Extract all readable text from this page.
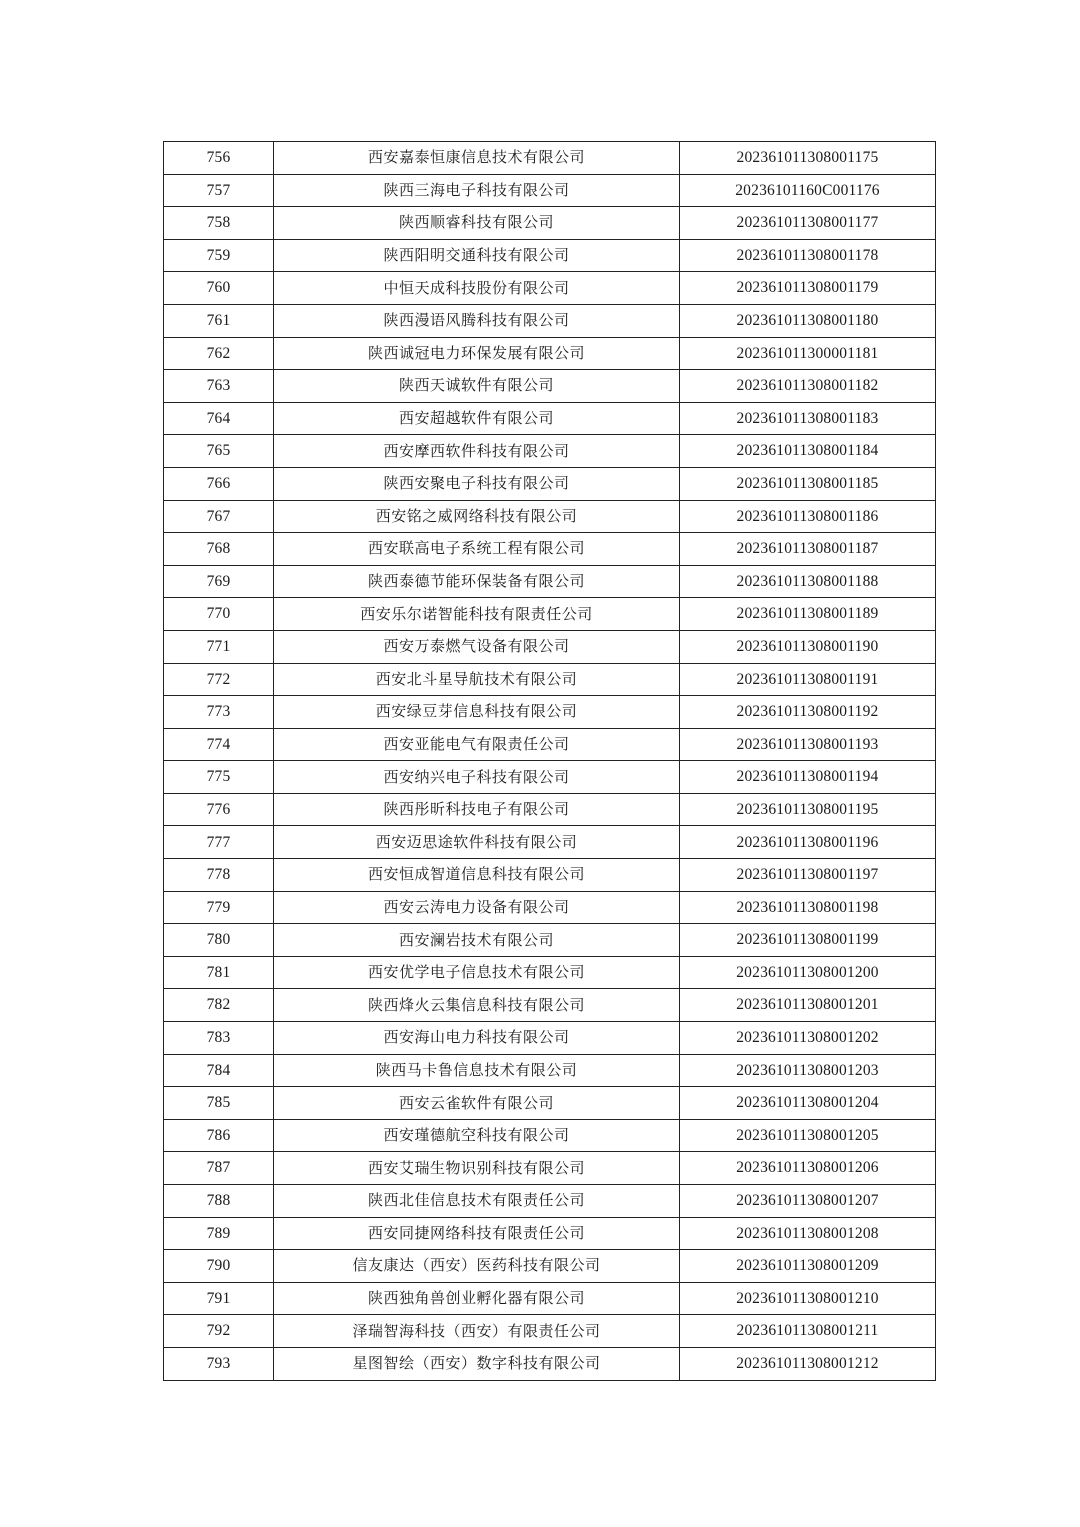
756	西安嘉泰恒康信息技术有限公司	202361011308001175
757	陕西三海电子科技有限公司	20236101160C001176
758	陕西顺睿科技有限公司	202361011308001177
759	陕西阳明交通科技有限公司	202361011308001178
760	中恒天成科技股份有限公司	202361011308001179
761	陕西漫语风腾科技有限公司	202361011308001180
762	陕西诚冠电力环保发展有限公司	202361011300001181
763	陕西天诚软件有限公司	202361011308001182
764	西安超越软件有限公司	202361011308001183
765	西安摩西软件科技有限公司	202361011308001184
766	陕西安聚电子科技有限公司	202361011308001185
767	西安铭之威网络科技有限公司	202361011308001186
768	西安联高电子系统工程有限公司	202361011308001187
769	陕西泰德节能环保装备有限公司	202361011308001188
770	西安乐尔诺智能科技有限责任公司	202361011308001189
771	西安万泰燃气设备有限公司	202361011308001190
772	西安北斗星导航技术有限公司	202361011308001191
773	西安绿豆芽信息科技有限公司	202361011308001192
774	西安亚能电气有限责任公司	202361011308001193
775	西安纳兴电子科技有限公司	202361011308001194
776	陕西彤昕科技电子有限公司	202361011308001195
777	西安迈思途软件科技有限公司	202361011308001196
778	西安恒成智道信息科技有限公司	202361011308001197
779	西安云涛电力设备有限公司	202361011308001198
780	西安澜岩技术有限公司	202361011308001199
781	西安优学电子信息技术有限公司	202361011308001200
782	陕西烽火云集信息科技有限公司	202361011308001201
783	西安海山电力科技有限公司	202361011308001202
784	陕西马卡鲁信息技术有限公司	202361011308001203
785	西安云雀软件有限公司	202361011308001204
786	西安瑾德航空科技有限公司	202361011308001205
787	西安艾瑞生物识别科技有限公司	202361011308001206
788	陕西北佳信息技术有限责任公司	202361011308001207
789	西安同捷网络科技有限责任公司	202361011308001208
790	信友康达（西安）医药科技有限公司	202361011308001209
791	陕西独角兽创业孵化器有限公司	202361011308001210
792	泽瑞智海科技（西安）有限责任公司	202361011308001211
793	星图智绘（西安）数字科技有限公司	202361011308001212
